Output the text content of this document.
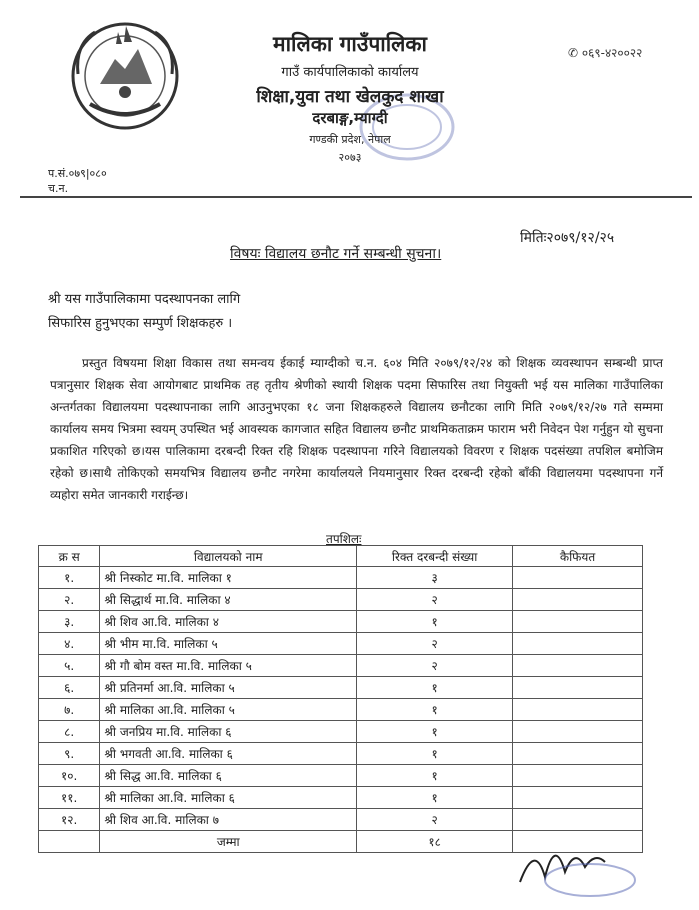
मालिका गाउँपालिका
गाउँ कार्यपालिकाको कार्यालय
शिक्षा,युवा तथा खेलकुद शाखा
दरबाङ्ग,म्याग्दी
गण्डकी प्रदेश, नेपाल
२०७३
✆ ०६९-४२००२२
प.सं.०७९|०८०
च.न.
मितिः२०७९/१२/२५
विषयः विद्यालय छनौट गर्ने सम्बन्धी सुचना।
श्री यस गाउँपालिकामा पदस्थापनका लागि
सिफारिस हुनुभएका सम्पुर्ण शिक्षकहरु ।

प्रस्तुत विषयमा शिक्षा विकास तथा समन्वय ईकाई म्याग्दीको च.न. ६०४ मिति २०७९/१२/२४ को शिक्षक व्यवस्थापन सम्बन्धी प्राप्त पत्रानुसार शिक्षक सेवा आयोगबाट प्राथमिक तह तृतीय श्रेणीको स्थायी शिक्षक पदमा सिफारिस तथा नियुक्ती भई यस मालिका गाउँपालिका अन्तर्गतका विद्यालयमा पदस्थापनाका लागि आउनुभएका १८ जना शिक्षकहरुले विद्यालय छनौटका लागि मिति २०७९/१२/२७ गते सम्ममा कार्यालय समय भित्रमा स्वयम् उपस्थित भई आवस्यक कागजात सहित विद्यालय छनौट प्राथमिकताक्रम फाराम भरी निवेदन पेश गर्नुहुन यो सुचना प्रकाशित गरिएको छ।यस पालिकामा दरबन्दी रिक्त रहि शिक्षक पदस्थापना गरिने विद्यालयको विवरण र शिक्षक पदसंख्या तपशिल बमोजिम रहेको छ।साथै तोकिएको समयभित्र विद्यालय छनौट नगरेमा कार्यालयले नियमानुसार रिक्त दरबन्दी रहेको बाँकी विद्यालयमा पदस्थापना गर्ने व्यहोरा समेत जानकारी गराईन्छ।

तपशिलः
क्र स	विद्यालयको नाम	रिक्त दरबन्दी संख्या	कैफियत
१.	श्री निस्कोट मा.वि. मालिका १	३	
२.	श्री सिद्धार्थ मा.वि. मालिका ४	२	
३.	श्री शिव आ.वि. मालिका ४	१	
४.	श्री भीम मा.वि. मालिका ५	२	
५.	श्री गौ बोम वस्त मा.वि. मालिका ५	२	
६.	श्री प्रतिनर्मा आ.वि. मालिका ५	१	
७.	श्री मालिका आ.वि. मालिका ५	१	
८.	श्री जनप्रिय मा.वि. मालिका ६	१	
९.	श्री भगवती आ.वि. मालिका ६	१	
१०.	श्री सिद्ध आ.वि. मालिका ६	१	
११.	श्री मालिका आ.वि. मालिका ६	१	
१२.	श्री शिव आ.वि. मालिका ७	२	
	जम्मा	१८	
